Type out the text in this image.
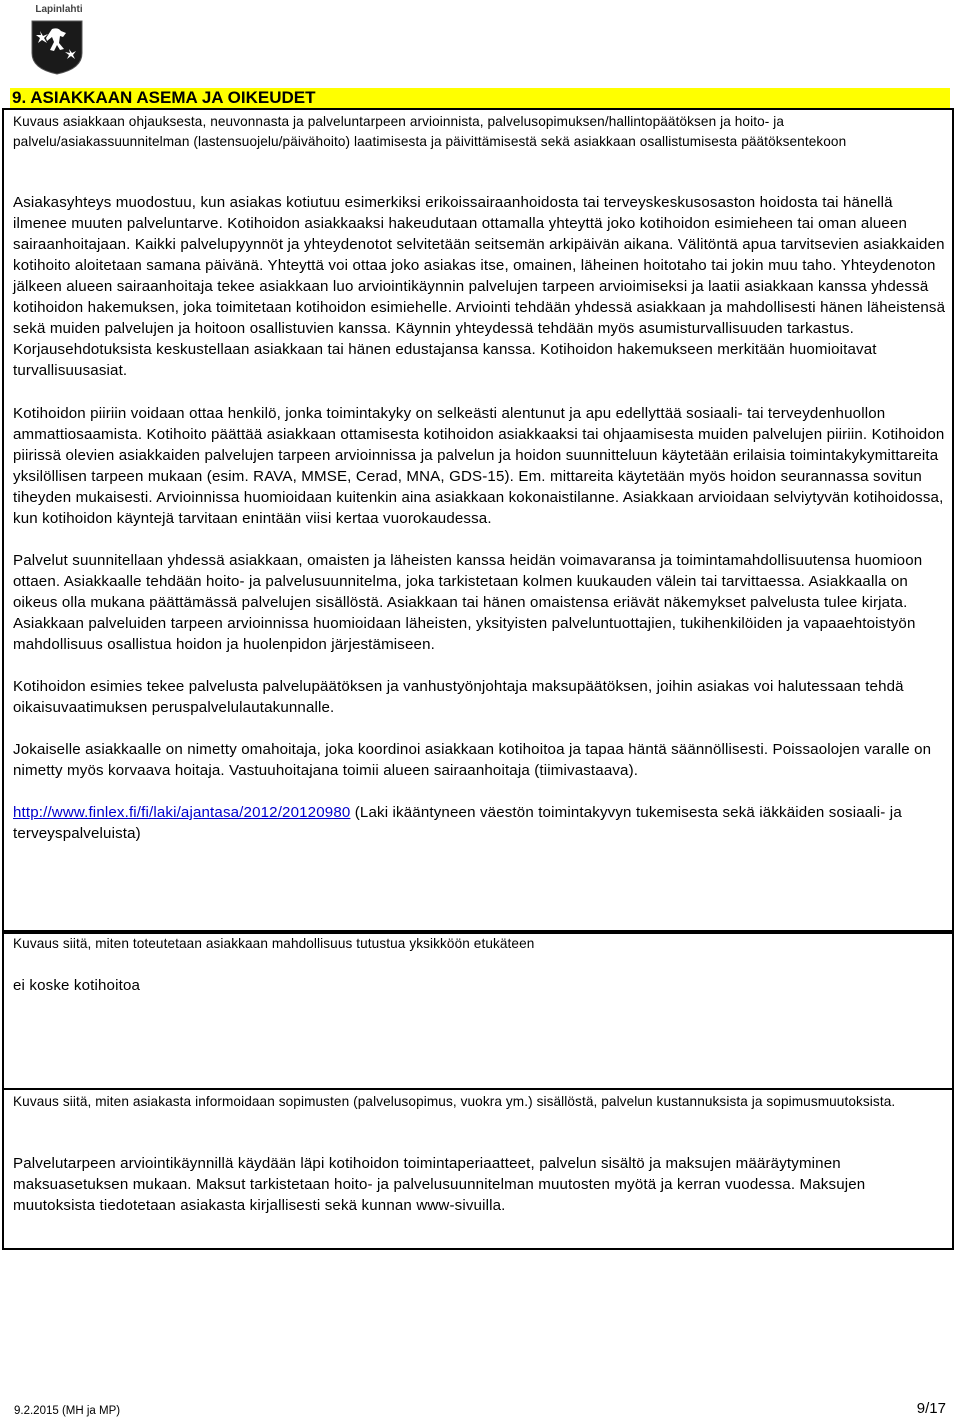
Lapinlahti
9. ASIAKKAAN ASEMA JA OIKEUDET
Kuvaus asiakkaan ohjauksesta, neuvonnasta ja palveluntarpeen arvioinnista, palvelusopimuksen/hallintopäätöksen ja hoito- ja palvelu/asiakassuunnitelman (lastensuojelu/päivähoito) laatimisesta ja päivittämisestä sekä asiakkaan osallistumisesta päätöksentekoon

Asiakasyhteys muodostuu, kun asiakas kotiutuu esimerkiksi erikoissairaanhoidosta tai terveyskeskusosaston hoidosta tai hänellä ilmenee muuten palveluntarve. Kotihoidon asiakkaaksi hakeudutaan ottamalla yhteyttä joko kotihoidon esimieheen tai oman alueen sairaanhoitajaan. Kaikki palvelupyynnöt ja yhteydenotot selvitetään seitsemän arkipäivän aikana. Välitöntä apua tarvitsevien asiakkaiden kotihoito aloitetaan samana päivänä. Yhteyttä voi ottaa joko asiakas itse, omainen, läheinen hoitotaho tai jokin muu taho. Yhteydenoton jälkeen alueen sairaanhoitaja tekee asiakkaan luo arviointikäynnin palvelujen tarpeen arvioimiseksi ja laatii asiakkaan kanssa yhdessä kotihoidon hakemuksen, joka toimitetaan kotihoidon esimiehelle. Arviointi tehdään yhdessä asiakkaan ja mahdollisesti hänen läheistensä sekä muiden palvelujen ja hoitoon osallistuvien kanssa. Käynnin yhteydessä tehdään myös asumisturvallisuuden tarkastus. Korjausehdotuksista keskustellaan asiakkaan tai hänen edustajansa kanssa. Kotihoidon hakemukseen merkitään huomioitavat turvallisuusasiat.

Kotihoidon piiriin voidaan ottaa henkilö, jonka toimintakyky on selkeästi alentunut ja apu edellyttää sosiaali- tai terveydenhuollon ammattiosaamista. Kotihoito päättää asiakkaan ottamisesta kotihoidon asiakkaaksi tai ohjaamisesta muiden palvelujen piiriin. Kotihoidon piirissä olevien asiakkaiden palvelujen tarpeen arvioinnissa ja palvelun ja hoidon suunnitteluun käytetään erilaisia toimintakykymittareita yksilöllisen tarpeen mukaan (esim. RAVA, MMSE, Cerad, MNA, GDS-15). Em. mittareita käytetään myös hoidon seurannassa sovitun tiheyden mukaisesti. Arvioinnissa huomioidaan kuitenkin aina asiakkaan kokonaistilanne. Asiakkaan arvioidaan selviytyvän kotihoidossa, kun kotihoidon käyntejä tarvitaan enintään viisi kertaa vuorokaudessa.

Palvelut suunnitellaan yhdessä asiakkaan, omaisten ja läheisten kanssa heidän voimavaransa ja toimintamahdollisuutensa huomioon ottaen. Asiakkaalle tehdään hoito- ja palvelusuunnitelma, joka tarkistetaan kolmen kuukauden välein tai tarvittaessa. Asiakkaalla on oikeus olla mukana päättämässä palvelujen sisällöstä. Asiakkaan tai hänen omaistensa eriävät näkemykset palvelusta tulee kirjata. Asiakkaan palveluiden tarpeen arvioinnissa huomioidaan läheisten, yksityisten palveluntuottajien, tukihenkilöiden ja vapaaehtoistyön mahdollisuus osallistua hoidon ja huolenpidon järjestämiseen.

Kotihoidon esimies tekee palvelusta palvelupäätöksen ja vanhustyönjohtaja maksupäätöksen, joihin asiakas voi halutessaan tehdä oikaisuvaatimuksen peruspalvelulautakunnalle.

Jokaiselle asiakkaalle on nimetty omahoitaja, joka koordinoi asiakkaan kotihoitoa ja tapaa häntä säännöllisesti. Poissaolojen varalle on nimetty myös korvaava hoitaja. Vastuuhoitajana toimii alueen sairaanhoitaja (tiimivastaava).

http://www.finlex.fi/fi/laki/ajantasa/2012/20120980 (Laki ikääntyneen väestön toimintakyvyn tukemisesta sekä iäkkäiden sosiaali- ja terveyspalveluista)

Kuvaus siitä, miten toteutetaan asiakkaan mahdollisuus tutustua yksikköön etukäteen
ei koske kotihoitoa
Kuvaus siitä, miten asiakasta informoidaan sopimusten (palvelusopimus, vuokra ym.) sisällöstä, palvelun kustannuksista ja sopimusmuutoksista.
Palvelutarpeen arviointikäynnillä käydään läpi kotihoidon toimintaperiaatteet, palvelun sisältö ja maksujen määräytyminen maksuasetuksen mukaan. Maksut tarkistetaan hoito- ja palvelusuunnitelman muutosten myötä ja kerran vuodessa. Maksujen muutoksista tiedotetaan asiakasta kirjallisesti sekä kunnan www-sivuilla.
9.2.2015 (MH ja MP)	9/17
